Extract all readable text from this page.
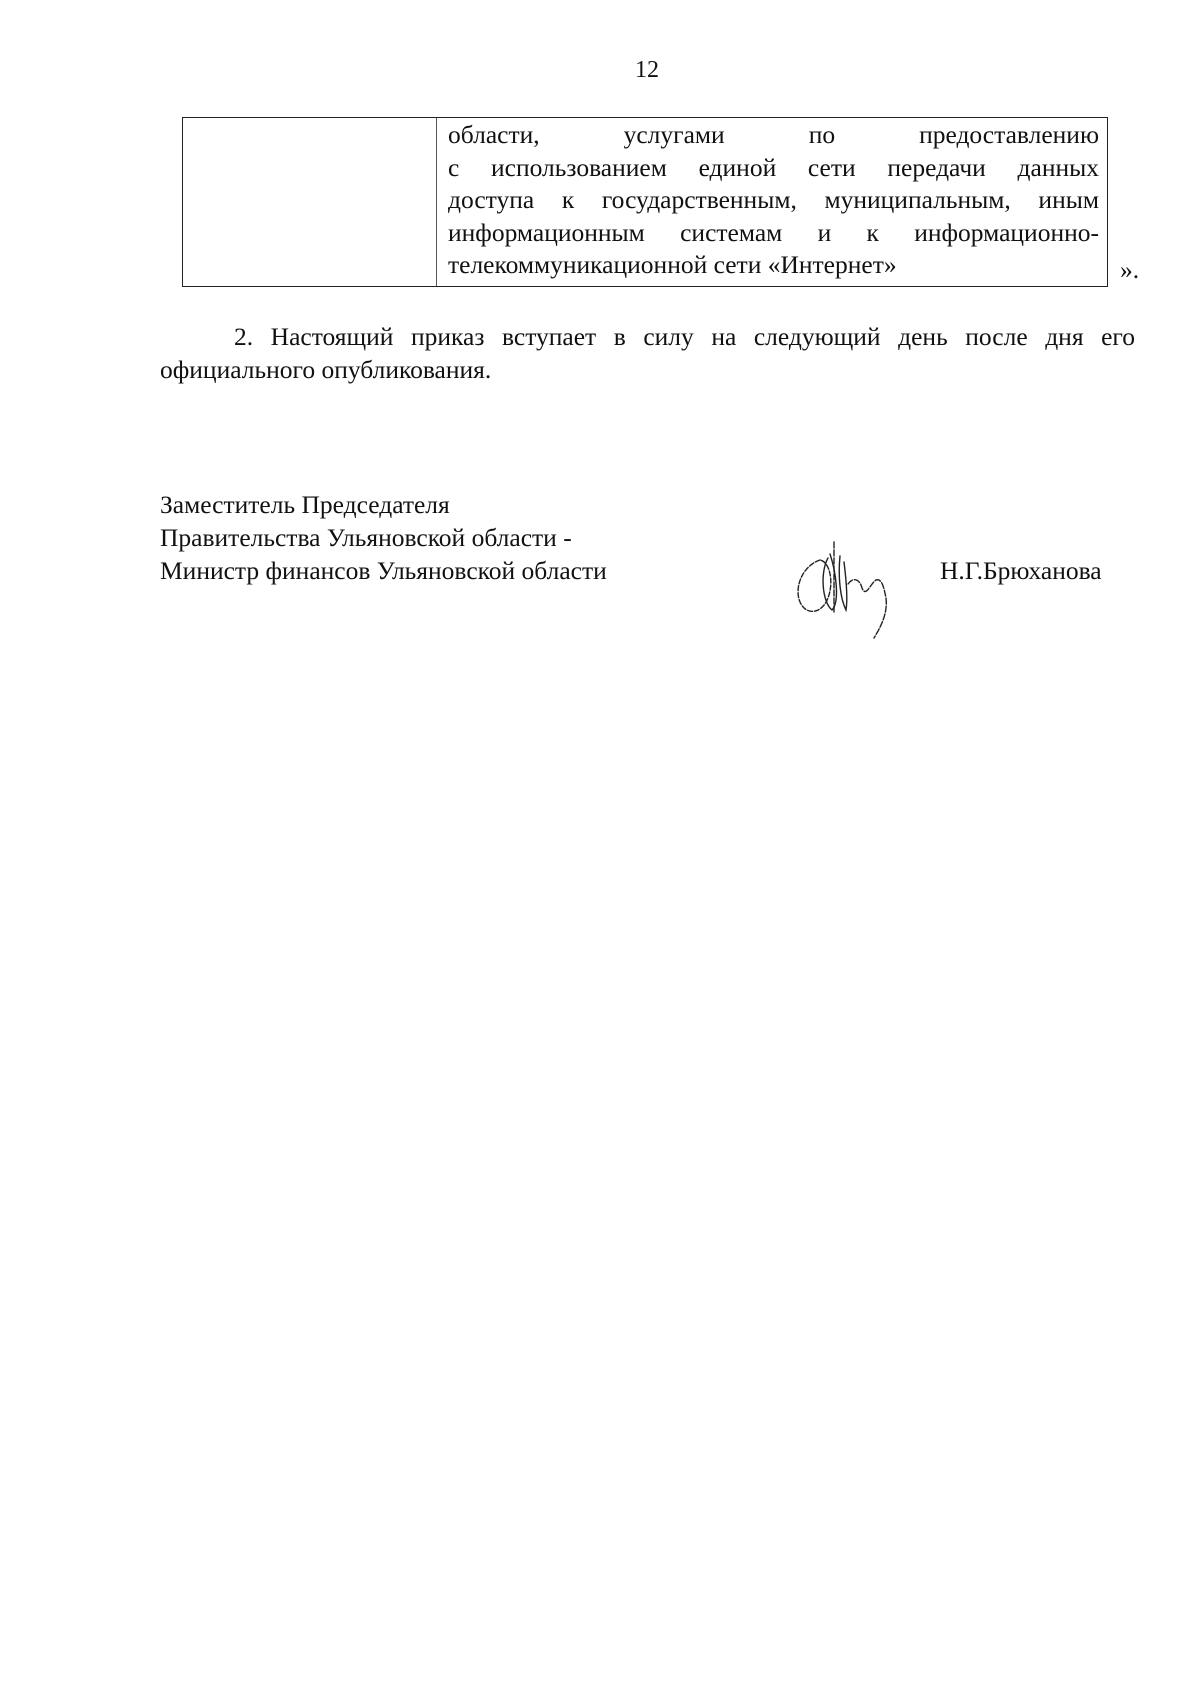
12
области, услугами по предоставлению
с использованием единой сети передачи данных
доступа к государственным, муниципальным, иным
информационным системам и к информационно-
телекоммуникационной сети «Интернет»	».
2. Настоящий приказ вступает в силу на следующий день после дня его
официального опубликования.
Заместитель Председателя
Правительства Ульяновской области -
Министр финансов Ульяновской области	Н.Г.Брюханова
